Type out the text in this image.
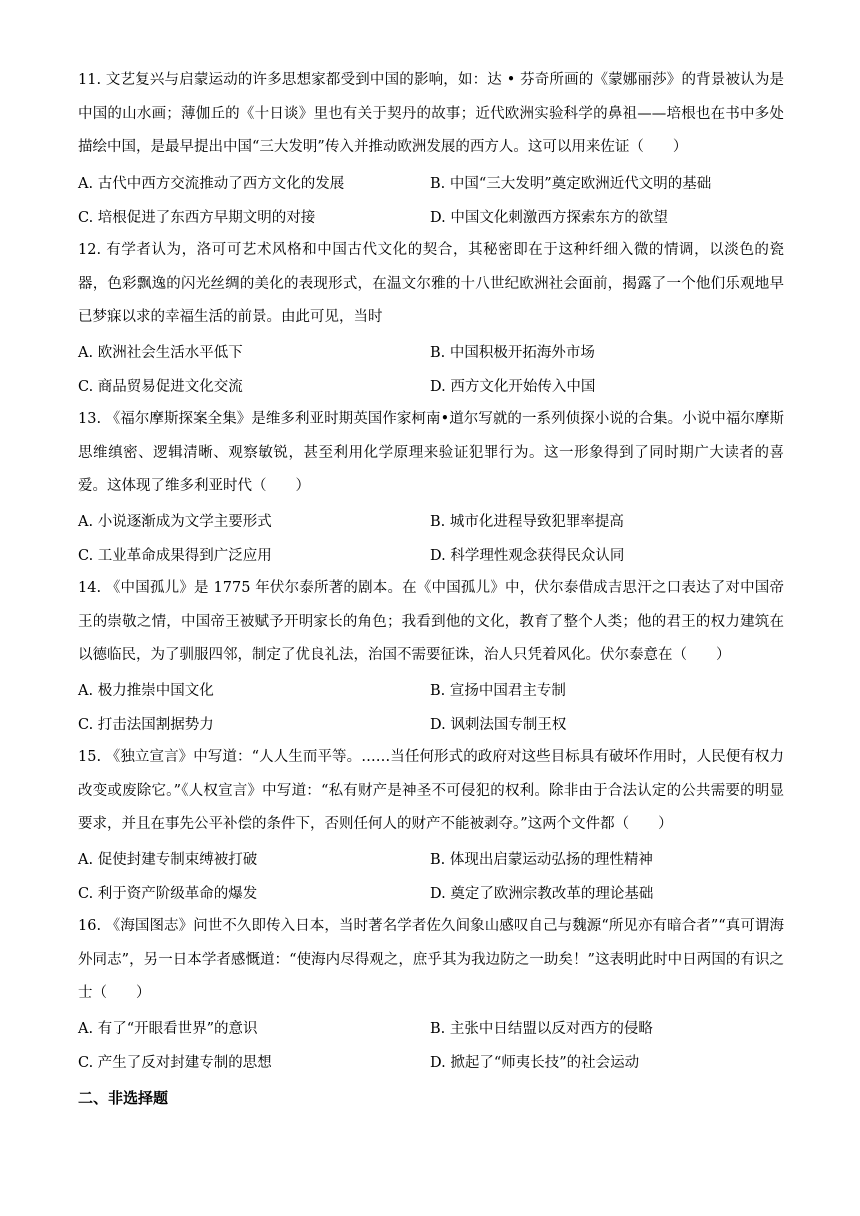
11. 文艺复兴与启蒙运动的许多思想家都受到中国的影响，如：达 • 芬奇所画的《蒙娜丽莎》的背景被认为是中国的山水画；薄伽丘的《十日谈》里也有关于契丹的故事；近代欧洲实验科学的鼻祖——培根也在书中多处描绘中国，是最早提出中国“三大发明”传入并推动欧洲发展的西方人。这可以用来佐证（　　）
A. 古代中西方交流推动了西方文化的发展	B. 中国“三大发明”奠定欧洲近代文明的基础
C. 培根促进了东西方早期文明的对接	D. 中国文化刺激西方探索东方的欲望
12. 有学者认为，洛可可艺术风格和中国古代文化的契合，其秘密即在于这种纤细入微的情调，以淡色的瓷器，色彩飘逸的闪光丝绸的美化的表现形式，在温文尔雅的十八世纪欧洲社会面前，揭露了一个他们乐观地早已梦寐以求的幸福生活的前景。由此可见，当时
A. 欧洲社会生活水平低下	B. 中国积极开拓海外市场
C. 商品贸易促进文化交流	D. 西方文化开始传入中国
13. 《福尔摩斯探案全集》是维多利亚时期英国作家柯南•道尔写就的一系列侦探小说的合集。小说中福尔摩斯思维缜密、逻辑清晰、观察敏锐，甚至利用化学原理来验证犯罪行为。这一形象得到了同时期广大读者的喜爱。这体现了维多利亚时代（　　）
A. 小说逐渐成为文学主要形式	B. 城市化进程导致犯罪率提高
C. 工业革命成果得到广泛应用	D. 科学理性观念获得民众认同
14. 《中国孤儿》是 1775 年伏尔泰所著的剧本。在《中国孤儿》中，伏尔泰借成吉思汗之口表达了对中国帝王的崇敬之情，中国帝王被赋予开明家长的角色；我看到他的文化，教育了整个人类；他的君王的权力建筑在以德临民，为了驯服四邻，制定了优良礼法，治国不需要征诛，治人只凭着风化。伏尔泰意在（　　）
A. 极力推崇中国文化	B. 宣扬中国君主专制
C. 打击法国割据势力	D. 讽刺法国专制王权
15. 《独立宣言》中写道：“人人生而平等。……当任何形式的政府对这些目标具有破坏作用时，人民便有权力改变或废除它。”《人权宣言》中写道：“私有财产是神圣不可侵犯的权利。除非由于合法认定的公共需要的明显要求，并且在事先公平补偿的条件下，否则任何人的财产不能被剥夺。”这两个文件都（　　）
A. 促使封建专制束缚被打破	B. 体现出启蒙运动弘扬的理性精神
C. 利于资产阶级革命的爆发	D. 奠定了欧洲宗教改革的理论基础
16. 《海国图志》问世不久即传入日本，当时著名学者佐久间象山感叹自己与魏源“所见亦有暗合者”“真可谓海外同志”，另一日本学者感慨道：“使海内尽得观之，庶乎其为我边防之一助矣！”这表明此时中日两国的有识之士（　　）
A. 有了“开眼看世界”的意识	B. 主张中日结盟以反对西方的侵略
C. 产生了反对封建专制的思想	D. 掀起了“师夷长技”的社会运动
二、非选择题
